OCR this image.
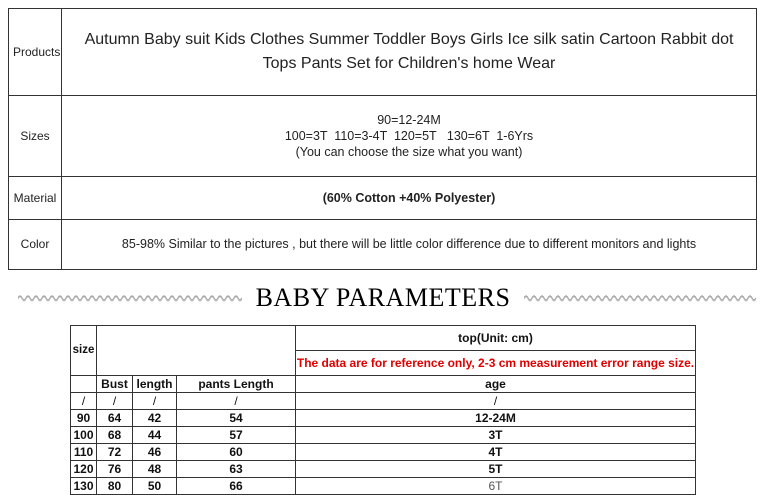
Products	Autumn Baby suit Kids Clothes Summer Toddler Boys Girls Ice silk satin Cartoon Rabbit dot Tops Pants Set for Children's home Wear
Sizes	90=12-24M
100=3T  110=3-4T  120=5T   130=6T  1-6Yrs
(You can choose the size what you want)

Material	(60% Cotton +40% Polyester)
Color	85-98% Similar to the pictures , but there will be little color difference due to different monitors and lights
BABY PARAMETERS
size				top(Unit: cm)
				The data are for reference only, 2-3 cm measurement error range size.
	Bust	length	pants Length	age
/	/	/	/	/
90	64	42	54	12-24M
100	68	44	57	3T
110	72	46	60	4T
120	76	48	63	5T
130	80	50	66	6T
